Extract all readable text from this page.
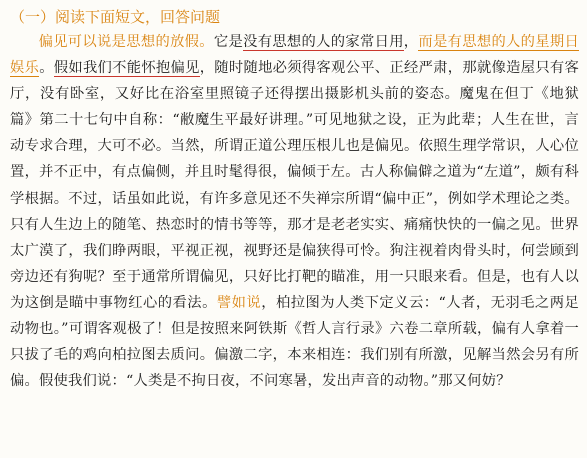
（一）阅读下面短文，回答问题

偏见可以说是思想的放假。它是没有思想的人的家常日用，而是有思想的人的星期日娱乐。假如我们不能怀抱偏见，随时随地必须得客观公平、正经严肃，那就像造屋只有客厅，没有卧室，又好比在浴室里照镜子还得摆出摄影机头前的姿态。魔鬼在但丁《地狱篇》第二十七句中自称：“敝魔生平最好讲理。”可见地狱之设，正为此辈；人生在世，言动专求合理，大可不必。当然，所谓正道公理压根儿也是偏见。依照生理学常识，人心位置，并不正中，有点偏侧，并且时髦得很，偏倾于左。古人称偏僻之道为“左道”，颇有科学根据。不过，话虽如此说，有许多意见还不失禅宗所谓“偏中正”，例如学术理论之类。只有人生边上的随笔、热恋时的情书等等，那才是老老实实、痛痛快快的一偏之见。世界太广漠了，我们睁两眼，平视正视，视野还是偏狭得可怜。狗注视着肉骨头时，何尝顾到旁边还有狗呢？至于通常所谓偏见，只好比打靶的瞄准，用一只眼来看。但是，也有人以为这倒是瞄中事物红心的看法。譬如说，柏拉图为人类下定义云：“人者，无羽毛之两足动物也。”可谓客观极了！但是按照来阿铁斯《哲人言行录》六卷二章所载，偏有人拿着一只拔了毛的鸡向柏拉图去质问。偏激二字，本来相连：我们别有所激，见解当然会另有所偏。假使我们说：“人类是不拘日夜，不问寒暑，发出声音的动物。”那又何妨？
